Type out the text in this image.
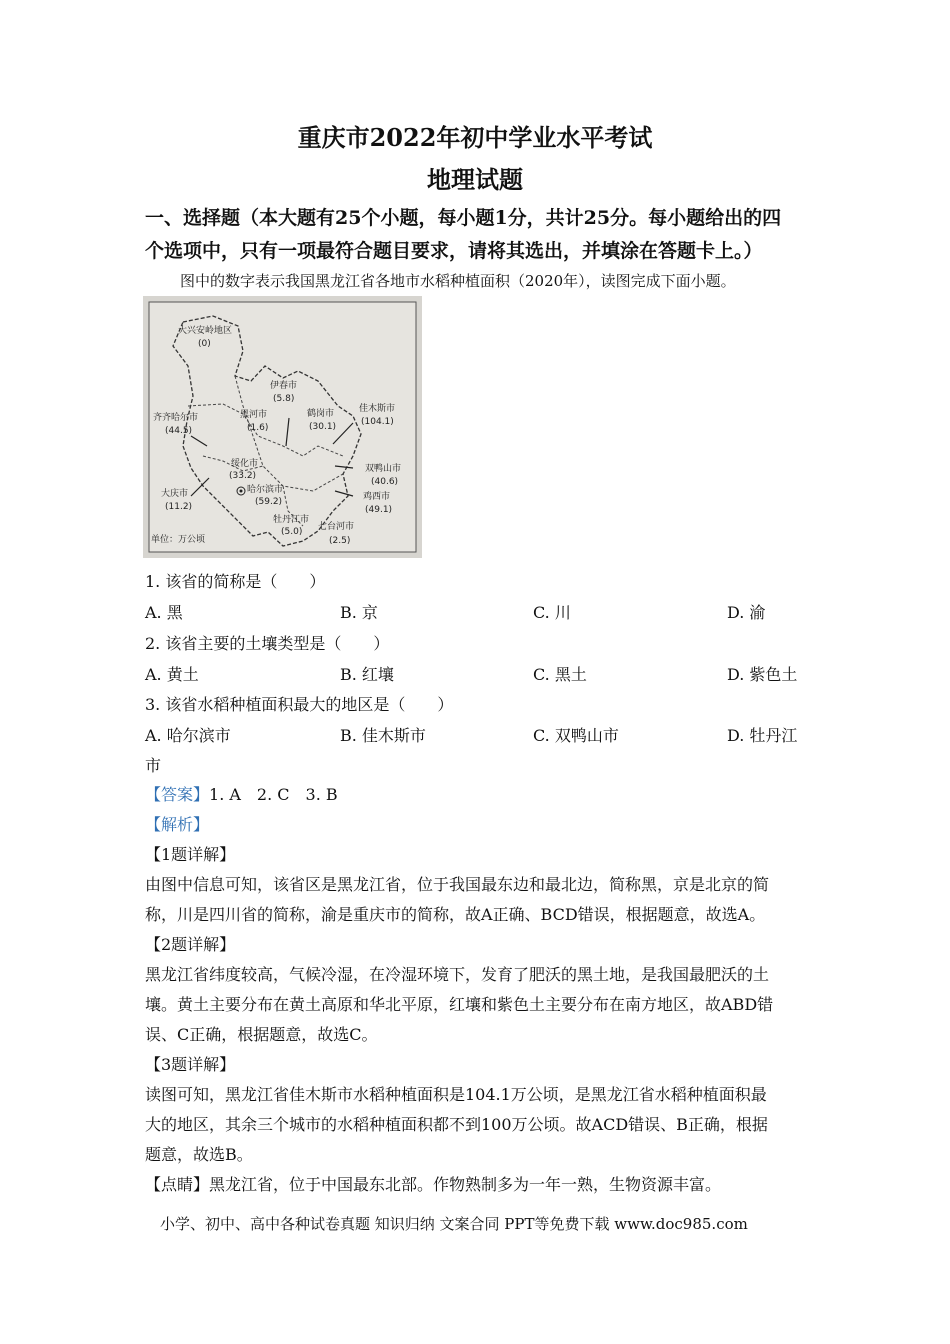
重庆市2022年初中学业水平考试
地理试题
一、选择题（本大题有25个小题，每小题1分，共计25分。每小题给出的四
个选项中，只有一项最符合题目要求，请将其选出，并填涂在答题卡上。）
图中的数字表示我国黑龙江省各地市水稻种植面积（2020年），读图完成下面小题。
大兴安岭地区
(0)
伊春市
(5.8)
黑河市
(1.6)
鹤岗市
(30.1)
佳木斯市
(104.1)
齐齐哈尔市
(44.5)
绥化市
(33.2)
双鸭山市
(40.6)
哈尔滨市
(59.2)	鸡西市
(49.1)
大庆市
(11.2)
牡丹江市
(5.0) 七台河市
(2.5)
单位：万公顷
1. 该省的简称是（　　）
A. 黑	B. 京	C. 川	D. 渝
2. 该省主要的土壤类型是（　　）
A. 黄土	B. 红壤	C. 黑土	D. 紫色土
3. 该省水稻种植面积最大的地区是（　　）
A. 哈尔滨市	B. 佳木斯市	C. 双鸭山市	D. 牡丹江
市
【答案】1. A　2. C　3. B
【解析】
【1题详解】
由图中信息可知，该省区是黑龙江省，位于我国最东边和最北边，简称黑，京是北京的简
称，川是四川省的简称，渝是重庆市的简称，故A正确、BCD错误，根据题意，故选A。
【2题详解】
黑龙江省纬度较高，气候冷湿，在冷湿环境下，发育了肥沃的黑土地，是我国最肥沃的土
壤。黄土主要分布在黄土高原和华北平原，红壤和紫色土主要分布在南方地区，故ABD错
误、C正确，根据题意，故选C。
【3题详解】
读图可知，黑龙江省佳木斯市水稻种植面积是104.1万公顷，是黑龙江省水稻种植面积最
大的地区，其余三个城市的水稻种植面积都不到100万公顷。故ACD错误、B正确，根据
题意，故选B。
【点睛】黑龙江省，位于中国最东北部。作物熟制多为一年一熟，生物资源丰富。
小学、初中、高中各种试卷真题 知识归纳 文案合同 PPT等免费下载 www.doc985.com
